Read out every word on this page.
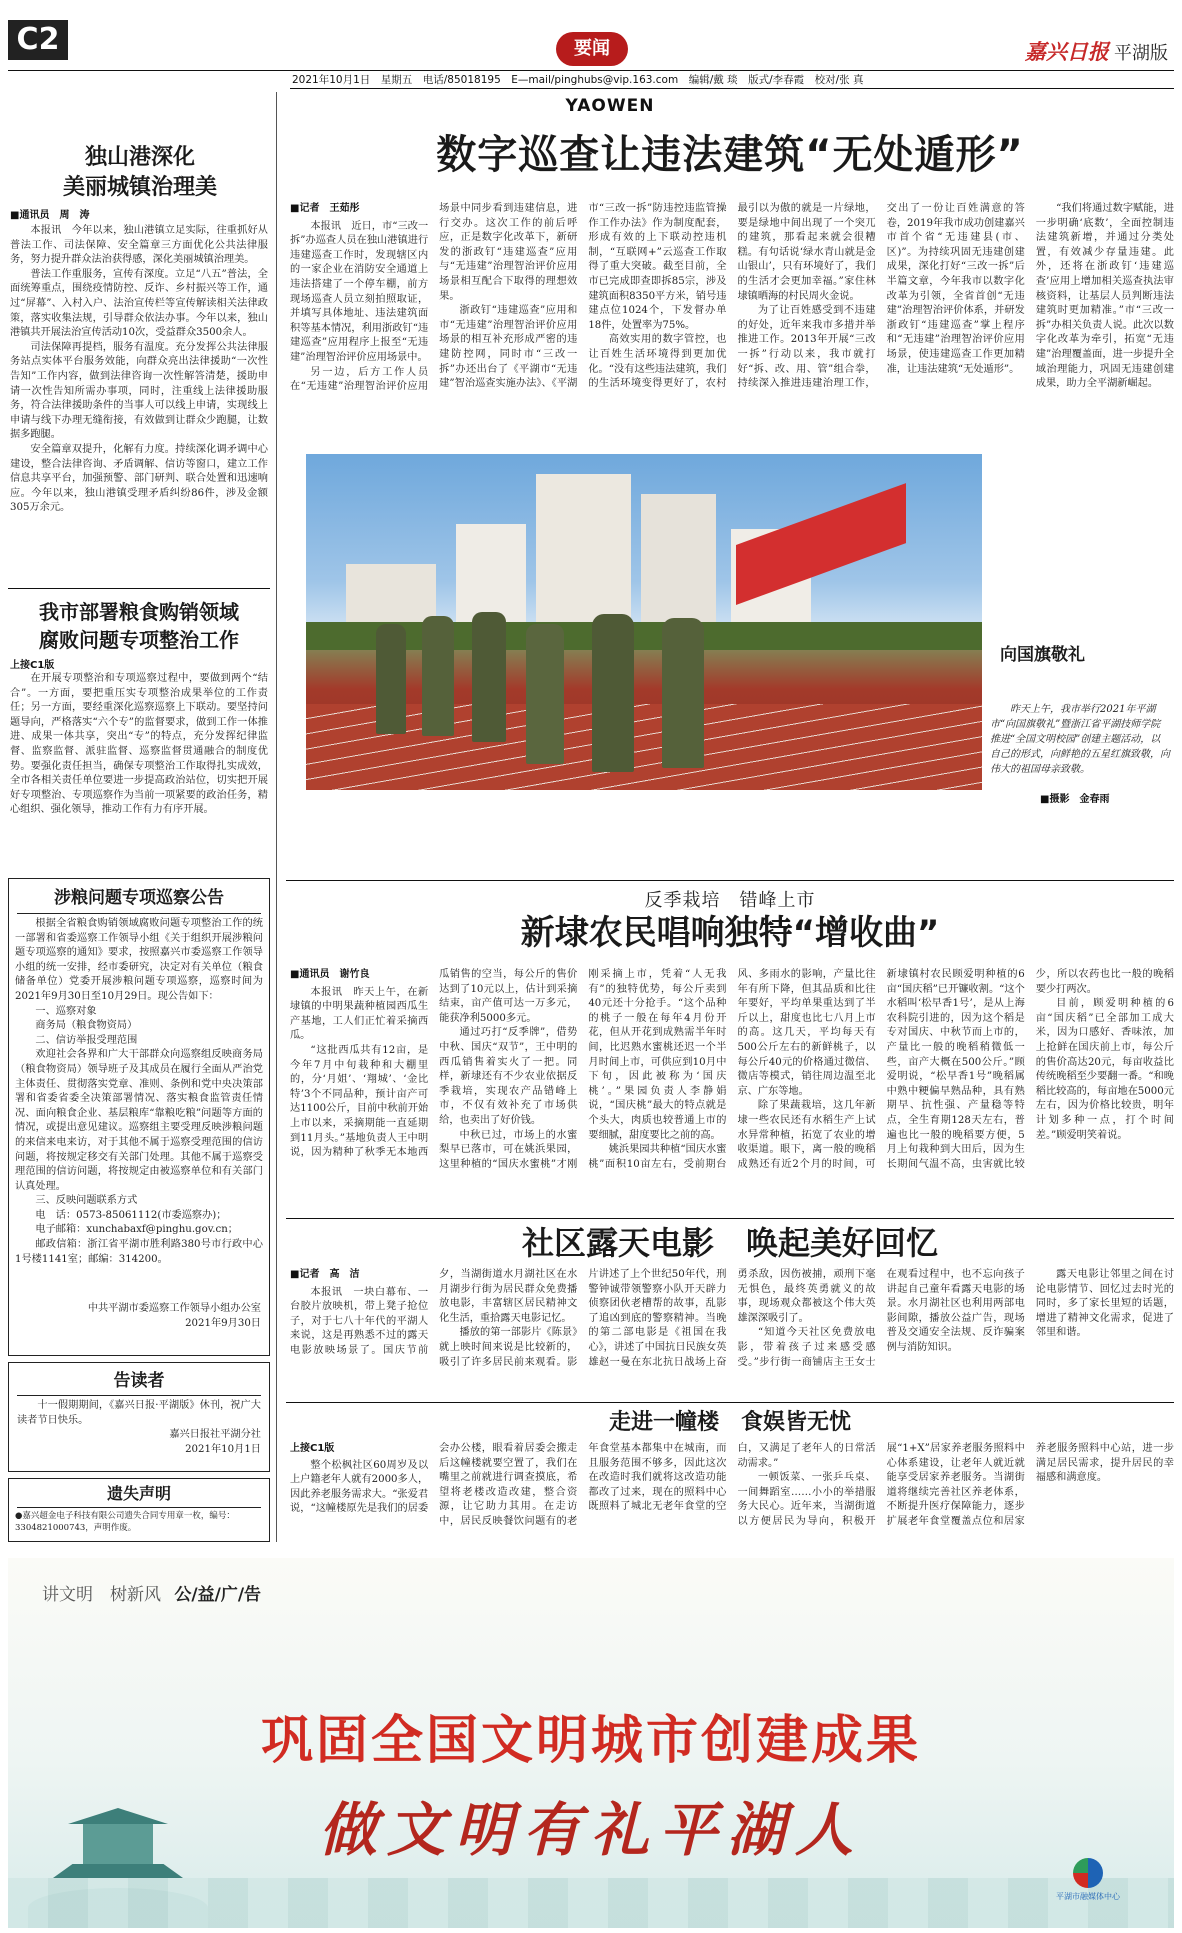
C2	要闻	嘉兴日报 平湖版
2021年10月1日　星期五　电话/85018195　E—mail/pinghubs@vip.163.com　编辑/戴 琰　版式/李春霞　校对/张 真
YAOWEN
数字巡查让违法建筑“无处遁形”
■记者　王茹彤

本报讯　近日，市“三改一拆”办巡查人员在独山港镇进行违建巡查工作时，发现辖区内的一家企业在消防安全通道上违法搭建了一个停车棚，前方现场巡查人员立刻拍照取证，并填写具体地址、违法建筑面积等基本情况，利用浙政钉“违建巡查”应用程序上报至“无违建”治理智治评价应用场景中。

另一边，后方工作人员在“无违建”治理智治评价应用场景中同步看到违建信息，进行交办。这次工作的前后呼应，正是数字化改革下，新研发的浙政钉“违建巡查”应用与“无违建”治理智治评价应用场景相互配合下取得的理想效果。

浙政钉“违建巡查”应用和市“无违建”治理智治评价应用场景的相互补充形成严密的违建防控网，同时市“三改一拆”办还出台了《平湖市“无违建”智治巡查实施办法》、《平湖市“三改一拆”防违控违监管操作工作办法》作为制度配套，形成有效的上下联动控违机制，“互联网+”云巡查工作取得了重大突破。截至目前，全市已完成即查即拆85宗，涉及建筑面积8350平方米，销号违建点位1024个，下发督办单18件，处置率为75%。

高效实用的数字管控，也让百姓生活环境得到更加优化。“没有这些违法建筑，我们的生活环境变得更好了，农村最引以为傲的就是一片绿地，要是绿地中间出现了一个突兀的建筑，那看起来就会很糟糕。有句话说‘绿水青山就是金山银山’，只有环境好了，我们的生活才会更加幸福。”家住林埭镇晒海的村民周火金说。

为了让百姓感受到不违建的好处，近年来我市多措并举推进工作。2013年开展“三改一拆”行动以来，我市就打好“拆、改、用、管”组合拳，持续深入推进违建治理工作，交出了一份让百姓满意的答卷，2019年我市成功创建嘉兴市首个省“无违建县(市、区)”。为持续巩固无违建创建成果，深化打好“三改一拆”后半篇文章，今年我市以数字化改革为引领，全省首创“无违建”治理智治评价体系，并研发浙政钉“违建巡查”掌上程序和“无违建”治理智治评价应用场景，使违建巡查工作更加精准，让违法建筑“无处遁形”。

“我们将通过数字赋能，进一步明确‘底数’，全面控制违法建筑新增，并通过分类处置，有效减少存量违建。此外，还将在浙政钉‘违建巡查’应用上增加相关巡查执法审核资料，让基层人员判断违法建筑时更加精准。”市“三改一拆”办相关负责人说。此次以数字化改革为牵引，拓宽“无违建”治理覆盖面，进一步提升全域治理能力，巩固无违建创建成果，助力全平湖新崛起。

向国旗敬礼
昨天上午，我市举行2021年平湖市“向国旗敬礼”暨浙江省平湖技师学院推进“全国文明校园”创建主题活动，以自己的形式，向鲜艳的五星红旗致敬，向伟大的祖国母亲致敬。
■摄影　金春雨
独山港深化
美丽城镇治理美
■通讯员　周　涛

本报讯　今年以来，独山港镇立足实际，往重抓好从普法工作、司法保障、安全篇章三方面优化公共法律服务，努力提升群众法治获得感，深化美丽城镇治理美。

普法工作重服务，宣传有深度。立足“八五”普法，全面统筹重点，围绕疫情防控、反诈、乡村振兴等工作，通过“屏幕”、入村入户、法治宣传栏等宣传解读相关法律政策，落实收集法规，引导群众依法办事。今年以来，独山港镇共开展法治宣传活动10次，受益群众3500余人。

司法保障再提档，服务有温度。充分发挥公共法律服务站点实体平台服务效能，向群众亮出法律援助“一次性告知”工作内容，做到法律咨询一次性解答清楚，援助申请一次性告知所需办事项，同时，注重线上法律援助服务，符合法律援助条件的当事人可以线上申请，实现线上申请与线下办理无缝衔接，有效做到让群众少跑腿，让数据多跑腿。

安全篇章双提升，化解有力度。持续深化调矛调中心建设，整合法律咨询、矛盾调解、信访等窗口，建立工作信息共享平台，加强预警、部门研判、联合处置和迅速响应。今年以来，独山港镇受理矛盾纠纷86件，涉及金额305万余元。

我市部署粮食购销领域
腐败问题专项整治工作
上接C1版

在开展专项整治和专项巡察过程中，要做到两个“结合”。一方面，要把重压实专项整治成果举位的工作责任；另一方面，要经重深化巡察巡察上下联动。要坚持问题导向，严格落实“六个专”的监督要求，做到工作一体推进、成果一体共享，突出“专”的特点，充分发挥纪律监督、监察监督、派驻监督、巡察监督贯通融合的制度优势。要强化责任担当，确保专项整治工作取得扎实成效，全市各相关责任单位要进一步提高政治站位，切实把开展好专项整治、专项巡察作为当前一项紧要的政治任务，精心组织、强化领导，推动工作有力有序开展。

涉粮问题专项巡察公告

根据全省粮食购销领域腐败问题专项整治工作的统一部署和省委巡察工作领导小组《关于组织开展涉粮问题专项巡察的通知》要求，按照嘉兴市委巡察工作领导小组的统一安排，经市委研究，决定对有关单位（粮食储备单位）党委开展涉粮问题专项巡察，巡察时间为2021年9月30日至10月29日。现公告如下：

一、巡察对象

商务局（粮食物资局）

二、信访举报受理范围

欢迎社会各界和广大干部群众向巡察组反映商务局（粮食物资局）领导班子及其成员在履行全面从严治党主体责任、贯彻落实党章、准则、条例和党中央决策部署和省委省委全决策部署情况、落实粮食监管责任情况、面向粮食企业、基层粮库“靠粮吃粮”问题等方面的情况，或提出意见建议。巡察组主要受理反映涉粮问题的来信来电来访，对于其他不属于巡察受理范围的信访问题，将按规定移交有关部门处理。其他不属于巡察受理范围的信访问题，将按规定由被巡察单位和有关部门认真处理。

三、反映问题联系方式

电　话：0573-85061112(市委巡察办)；

电子邮箱：xunchabaxf@pinghu.gov.cn；

邮政信箱：浙江省平湖市胜利路380号市行政中心1号楼1141室；邮编：314200。

中共平湖市委巡察工作领导小组办公室
2021年9月30日
告读者

十一假期期间，《嘉兴日报·平湖版》休刊，祝广大读者节日快乐。

嘉兴日报社平湖分社
2021年10月1日
遗失声明
●嘉兴超金电子科技有限公司遗失合同专用章一枚，编号：3304821000743，声明作废。
反季栽培　错峰上市
新埭农民唱响独特“增收曲”
■通讯员　谢竹良

本报讯　昨天上午，在新埭镇的中明果蔬种植园西瓜生产基地，工人们正忙着采摘西瓜。

“这批西瓜共有12亩，是今年7月中旬栽种和大棚里的，分‘月姐’、‘翔城’、‘金比特’3个不同品种，预计亩产可达1100公斤，目前中秋前开始上市以来，采摘期能一直延期到11月头。”基地负责人王中明说，因为精种了秋季无本地西瓜销售的空当，每公斤的售价达到了10元以上，估计到采摘结束，亩产值可达一万多元，能获净利5000多元。

通过巧打“反季牌”，借势中秋、国庆“双节”，王中明的西瓜销售着实火了一把。同样，新埭还有不少农业依据反季栽培，实现农产品错峰上市，不仅有效补充了市场供给，也卖出了好价钱。

中秋已过，市场上的水蜜梨早已落市，可在姚浜果园，这里种植的“国庆水蜜桃”才刚刚采摘上市，凭着“人无我有”的独特优势，每公斤卖到40元还十分抢手。“这个品种的桃子一般在每年4月份开花，但从开花到成熟需半年时间，比迟熟水蜜桃还迟一个半月时间上市，可供应到10月中下旬，因此被称为‘国庆桃’。”果园负责人李静娟说，“国庆桃”最大的特点就是个头大，肉质也较普通上市的要细腻，甜度要比之前的高。

姚浜果园共种植“国庆水蜜桃”面积10亩左右，受前期台风、多雨水的影响，产量比往年有所下降，但其品质和比往年要好，平均单果重达到了半斤以上，甜度也比七八月上市的高。这几天，平均每天有500公斤左右的新鲜桃子，以每公斤40元的价格通过微信、微店等模式，销往周边温至北京、广东等地。

除了果蔬栽培，这几年新埭一些农民还有水稻生产上试水异常种植，拓宽了农业的增收渠道。眼下，离一般的晚稻成熟还有近2个月的时间，可新埭镇村农民顾爱明种植的6亩“国庆稻”已开镰收割。“这个水稻叫‘松早香1号’，是从上海农科院引进的，因为这个稻是专对国庆、中秋节而上市的，产量比一般的晚稻稍微低一些，亩产大概在500公斤。”顾爱明说，“松早香1号”晚稻属中熟中粳偏早熟品种，具有熟期早、抗性强、产量稳等特点，全生育期128天左右，普遍也比一般的晚稻要方便，5月上旬栽种到大田后，因为生长期间气温不高，虫害就比较少，所以农药也比一般的晚稻要少打两次。

目前，顾爱明种植的6亩“国庆稻”已全部加工成大米，因为口感好、香味浓，加上抢鲜在国庆前上市，每公斤的售价高达20元，每亩收益比传统晚稻至少要翻一番。“和晚稻比较高的，每亩地在5000元左右，因为价格比较贵，明年计划多种一点，打个时间差。”顾爱明笑着说。

社区露天电影　唤起美好回忆
■记者　高　洁

本报讯　一块白幕布、一台胶片放映机，带上凳子抢位子，对于七八十年代的平湖人来说，这是再熟悉不过的露天电影放映场景了。国庆节前夕，当湖街道水月湖社区在水月湖步行街为居民群众免费播放电影，丰富辖区居民精神文化生活，重拾露天电影记忆。

播放的第一部影片《陈景》就上映时间来说是比较新的，吸引了许多居民前来观看。影片讲述了上个世纪50年代，刑警钟诚带领警察小队开天辟力侦察团伙老槽帮的故事，乱影了追凶到底的警察精神。当晚的第二部电影是《祖国在我心》，讲述了中国抗日民族女英雄赵一曼在东北抗日战场上奋勇杀敌，因伤被捕，顽刑下毫无惧色，最终英勇就义的故事，现场观众都被这个伟大英雄深深吸引了。

“知道今天社区免费放电影，带着孩子过来感受感受。”步行街一商铺店主王女士在观看过程中，也不忘向孩子讲起自己童年看露天电影的场景。水月湖社区也利用两部电影间隙，播放公益广告，现场普及交通安全法规、反诈骗案例与消防知识。

露天电影让邻里之间在讨论电影情节、回忆过去时光的同时，多了家长里短的话题，增进了精神文化需求，促进了邻里和谐。

走进一幢楼　食娱皆无忧
上接C1版

整个松枫社区60周岁及以上户籍老年人就有2000多人，因此养老服务需求大。“张爱君说，“这幢楼原先是我们的居委会办公楼，眼看着居委会搬走后这幢楼就要空置了，我们在嘴里之前就进行调查摸底，希望将老楼改造改建，整合资源，让它助力其用。在走访中，居民反映餐饮问题有的老年食堂基本都集中在城南，而且服务范围不够多，因此这次在改造时我们就将这改造功能都改了过来，现在的照料中心既照料了城北无老年食堂的空白，又满足了老年人的日常活动需求。”

一顿饭菜、一张乒乓桌、一间舞蹈室……小小的举措服务大民心。近年来，当湖街道以方便居民为导向，积极开展“1+X”居家养老服务照料中心体系建设，让老年人就近就能享受居家养老服务。当湖街道将继续完善社区养老体系，不断提升医疗保障能力，逐步扩展老年食堂覆盖点位和居家养老服务照料中心站，进一步满足居民需求，提升居民的幸福感和满意度。

讲文明　树新风 公/益/广/告
巩固全国文明城市创建成果
做文明有礼平湖人
平湖市融媒体中心
